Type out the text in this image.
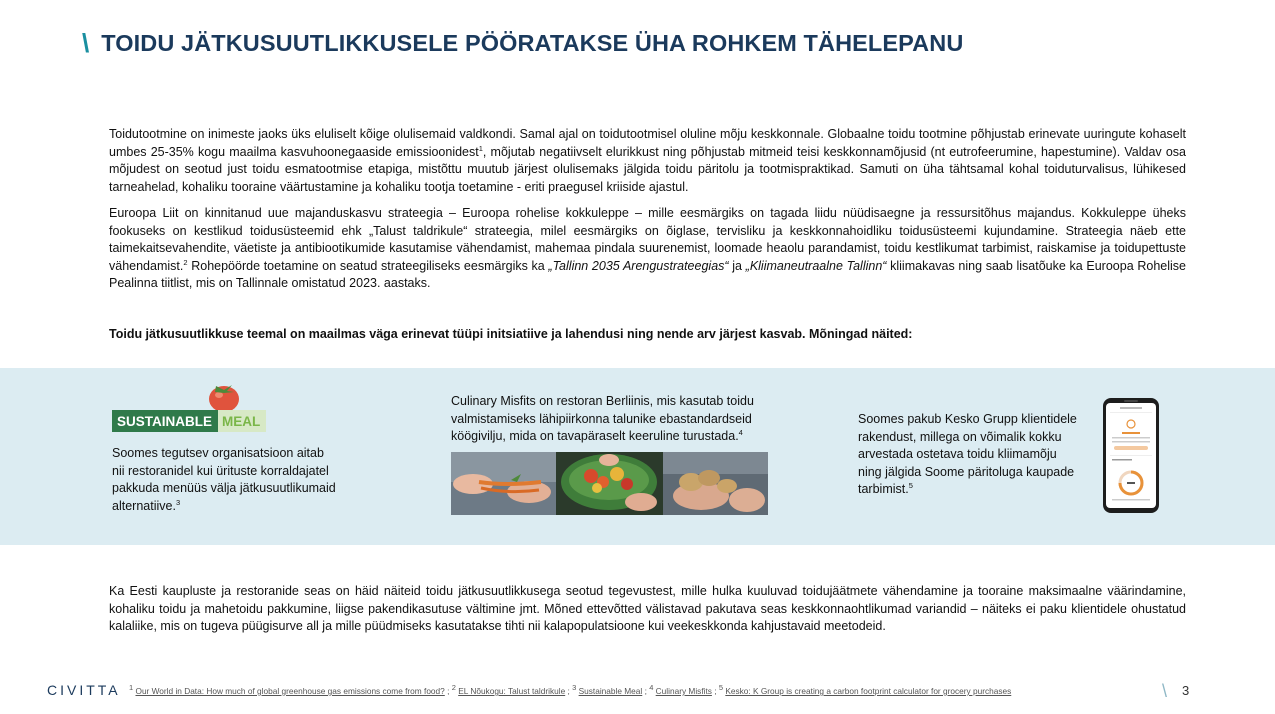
\ TOIDU JÄTKUSUUTLIKKUSELE PÖÖRATAKSE ÜHA ROHKEM TÄHELEPANU
Toidutootmine on inimeste jaoks üks eluliselt kõige olulisemaid valdkondi. Samal ajal on toidutootmisel oluline mõju keskkonnale. Globaalne toidu tootmine põhjustab erinevate uuringute kohaselt umbes 25-35% kogu maailma kasvuhoonegaaside emissioonidest$^1$, mõjutab negatiivselt elurikkust ning põhjustab mitmeid teisi keskkonnamõjusid (nt eutrofeerumine, hapestumine). Valdav osa mõjudest on seotud just toidu esmatootmise etapiga, mistõttu muutub järjest olulisemaks jälgida toidu päritolu ja tootmispraktikad. Samuti on üha tähtsamal kohal toiduturvalisus, lühikesed tarneahelad, kohaliku tooraine väärtustamine ja kohaliku tootja toetamine - eriti praegusel kriiside ajastul.
Euroopa Liit on kinnitanud uue majanduskasvu strateegia – Euroopa rohelise kokkuleppe – mille eesmärgiks on tagada liidu nüüdisaegne ja ressursitõhus majandus. Kokkuleppe üheks fookuseks on kestlikud toidusüsteemid ehk „Talust taldrikule“ strateegia, milel eesmärgiks on õiglase, tervisliku ja keskkonnahoidliku toidusüsteemi kujundamine. Strateegia näeb ette taimekaitsevahendite, väetiste ja antibiootikumide kasutamise vähendamist, mahemaa pindala suurenemist, loomade heaolu parandamist, toidu kestlikumat tarbimist, raiskamise ja toidupettuste vähendamist.$^2$ Rohepöörde toetamine on seatud strateegiliseks eesmärgiks ka „Tallinn 2035 Arengustrateegias“ ja „Kliimaneutraalne Tallinn“ kliimakavas ning saab lisatõuke ka Euroopa Rohelise Pealinna tiitlist, mis on Tallinnale omistatud 2023. aastaks.
Toidu jätkusuutlikkuse teemal on maailmas väga erinevat tüüpi initsiatiive ja lahendusi ning nende arv järjest kasvab. Mõningad näited:
SUSTAINABLE MEAL
Soomes tegutsev organisatsioon aitab nii restoranidel kui ürituste korraldajatel pakkuda menüüs välja jätkusuutlikumaid alternatiive.$^3$
Culinary Misfits on restoran Berliinis, mis kasutab toidu valmistamiseks lähipiirkonna talunike ebastandardseid köögivilju, mida on tavapäraselt keeruline turustada.$^4$
Soomes pakub Kesko Grupp klientidele rakendust, millega on võimalik kokku arvestada ostetava toidu kliimamõju ning jälgida Soome päritoluga kaupade tarbimist.$^5$
Ka Eesti kaupluste ja restoranide seas on häid näiteid toidu jätkusuutlikkusega seotud tegevustest, mille hulka kuuluvad toidujäätmete vähendamine ja tooraine maksimaalne väärindamine, kohaliku toidu ja mahetoidu pakkumine, liigse pakendikasutuse vältimine jmt. Mõned ettevõtted välistavad pakutava seas keskkonnaohtlikumad variandid – näiteks ei paku klientidele ohustatud kalaliike, mis on tugeva püügisurve all ja mille püüdmiseks kasutatakse tihti nii kalapopulatsioone kui veekeskkonda kahjustavaid meetodeid.
CIVITTA $^1$ Our World in Data: How much of global greenhouse gas emissions come from food? ; $^2$ EL Nõukogu: Talust taldrikule ; $^3$ Sustainable Meal ; $^4$ Culinary Misfits ; $^5$ Kesko: K Group is creating a carbon footprint calculator for grocery purchases	\ 3
